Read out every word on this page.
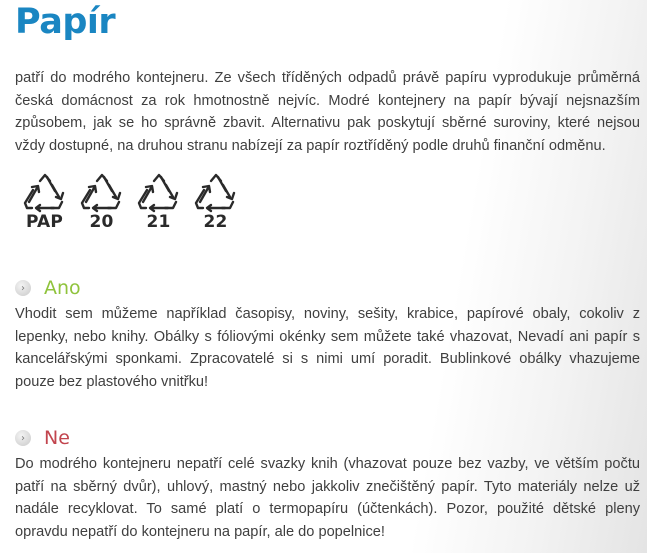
Papír

patří do modrého kontejneru. Ze všech tříděných odpadů právě papíru vyprodukuje průměrná česká domácnost za rok hmotnostně nejvíc. Modré kontejnery na papír bývají nejsnazším způsobem, jak se ho správně zbavit. Alternativu pak poskytují sběrné suroviny, které nejsou vždy dostupné, na druhou stranu nabízejí za papír roztříděný podle druhů finanční odměnu.

PAP 20 21 22
›	Ano

Vhodit sem můžeme například časopisy, noviny, sešity, krabice, papírové obaly, cokoliv z lepenky, nebo knihy. Obálky s fóliovými okénky sem můžete také vhazovat, Nevadí ani papír s kancelářskými sponkami. Zpracovatelé si s nimi umí poradit. Bublinkové obálky vhazujeme pouze bez plastového vnitřku!

›	Ne

Do modrého kontejneru nepatří celé svazky knih (vhazovat pouze bez vazby, ve větším počtu patří na sběrný dvůr), uhlový, mastný nebo jakkoliv znečištěný papír. Tyto materiály nelze už nadále recyklovat. To samé platí o termopapíru (účtenkách). Pozor, použité dětské pleny opravdu nepatří do kontejneru na papír, ale do popelnice!
